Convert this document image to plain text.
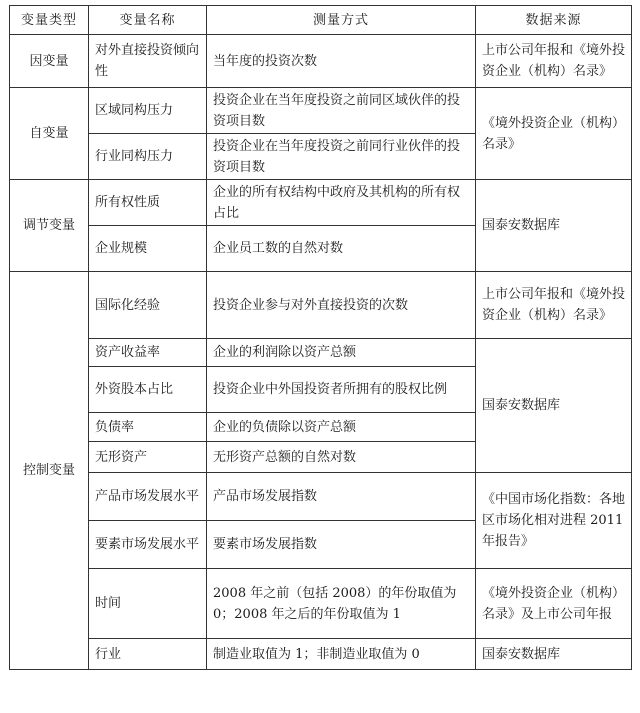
变量类型	变量名称	测量方式	数据来源
因变量	对外直接投资倾向性	当年度的投资次数	上市公司年报和《境外投资企业（机构）名录》
自变量	区域同构压力	投资企业在当年度投资之前同区域伙伴的投资项目数	《境外投资企业（机构）名录》
	行业同构压力	投资企业在当年度投资之前同行业伙伴的投资项目数	
调节变量	所有权性质	企业的所有权结构中政府及其机构的所有权占比	国泰安数据库
	企业规模	企业员工数的自然对数	
控制变量	国际化经验	投资企业参与对外直接投资的次数	上市公司年报和《境外投资企业（机构）名录》
	资产收益率	企业的利润除以资产总额	国泰安数据库
	外资股本占比	投资企业中外国投资者所拥有的股权比例	
	负债率	企业的负债除以资产总额	
	无形资产	无形资产总额的自然对数	
	产品市场发展水平	产品市场发展指数	《中国市场化指数：各地区市场化相对进程 2011 年报告》
	要素市场发展水平	要素市场发展指数	
	时间	2008 年之前（包括 2008）的年份取值为 0；2008 年之后的年份取值为 1	《境外投资企业（机构）名录》及上市公司年报
	行业	制造业取值为 1；非制造业取值为 0	国泰安数据库
